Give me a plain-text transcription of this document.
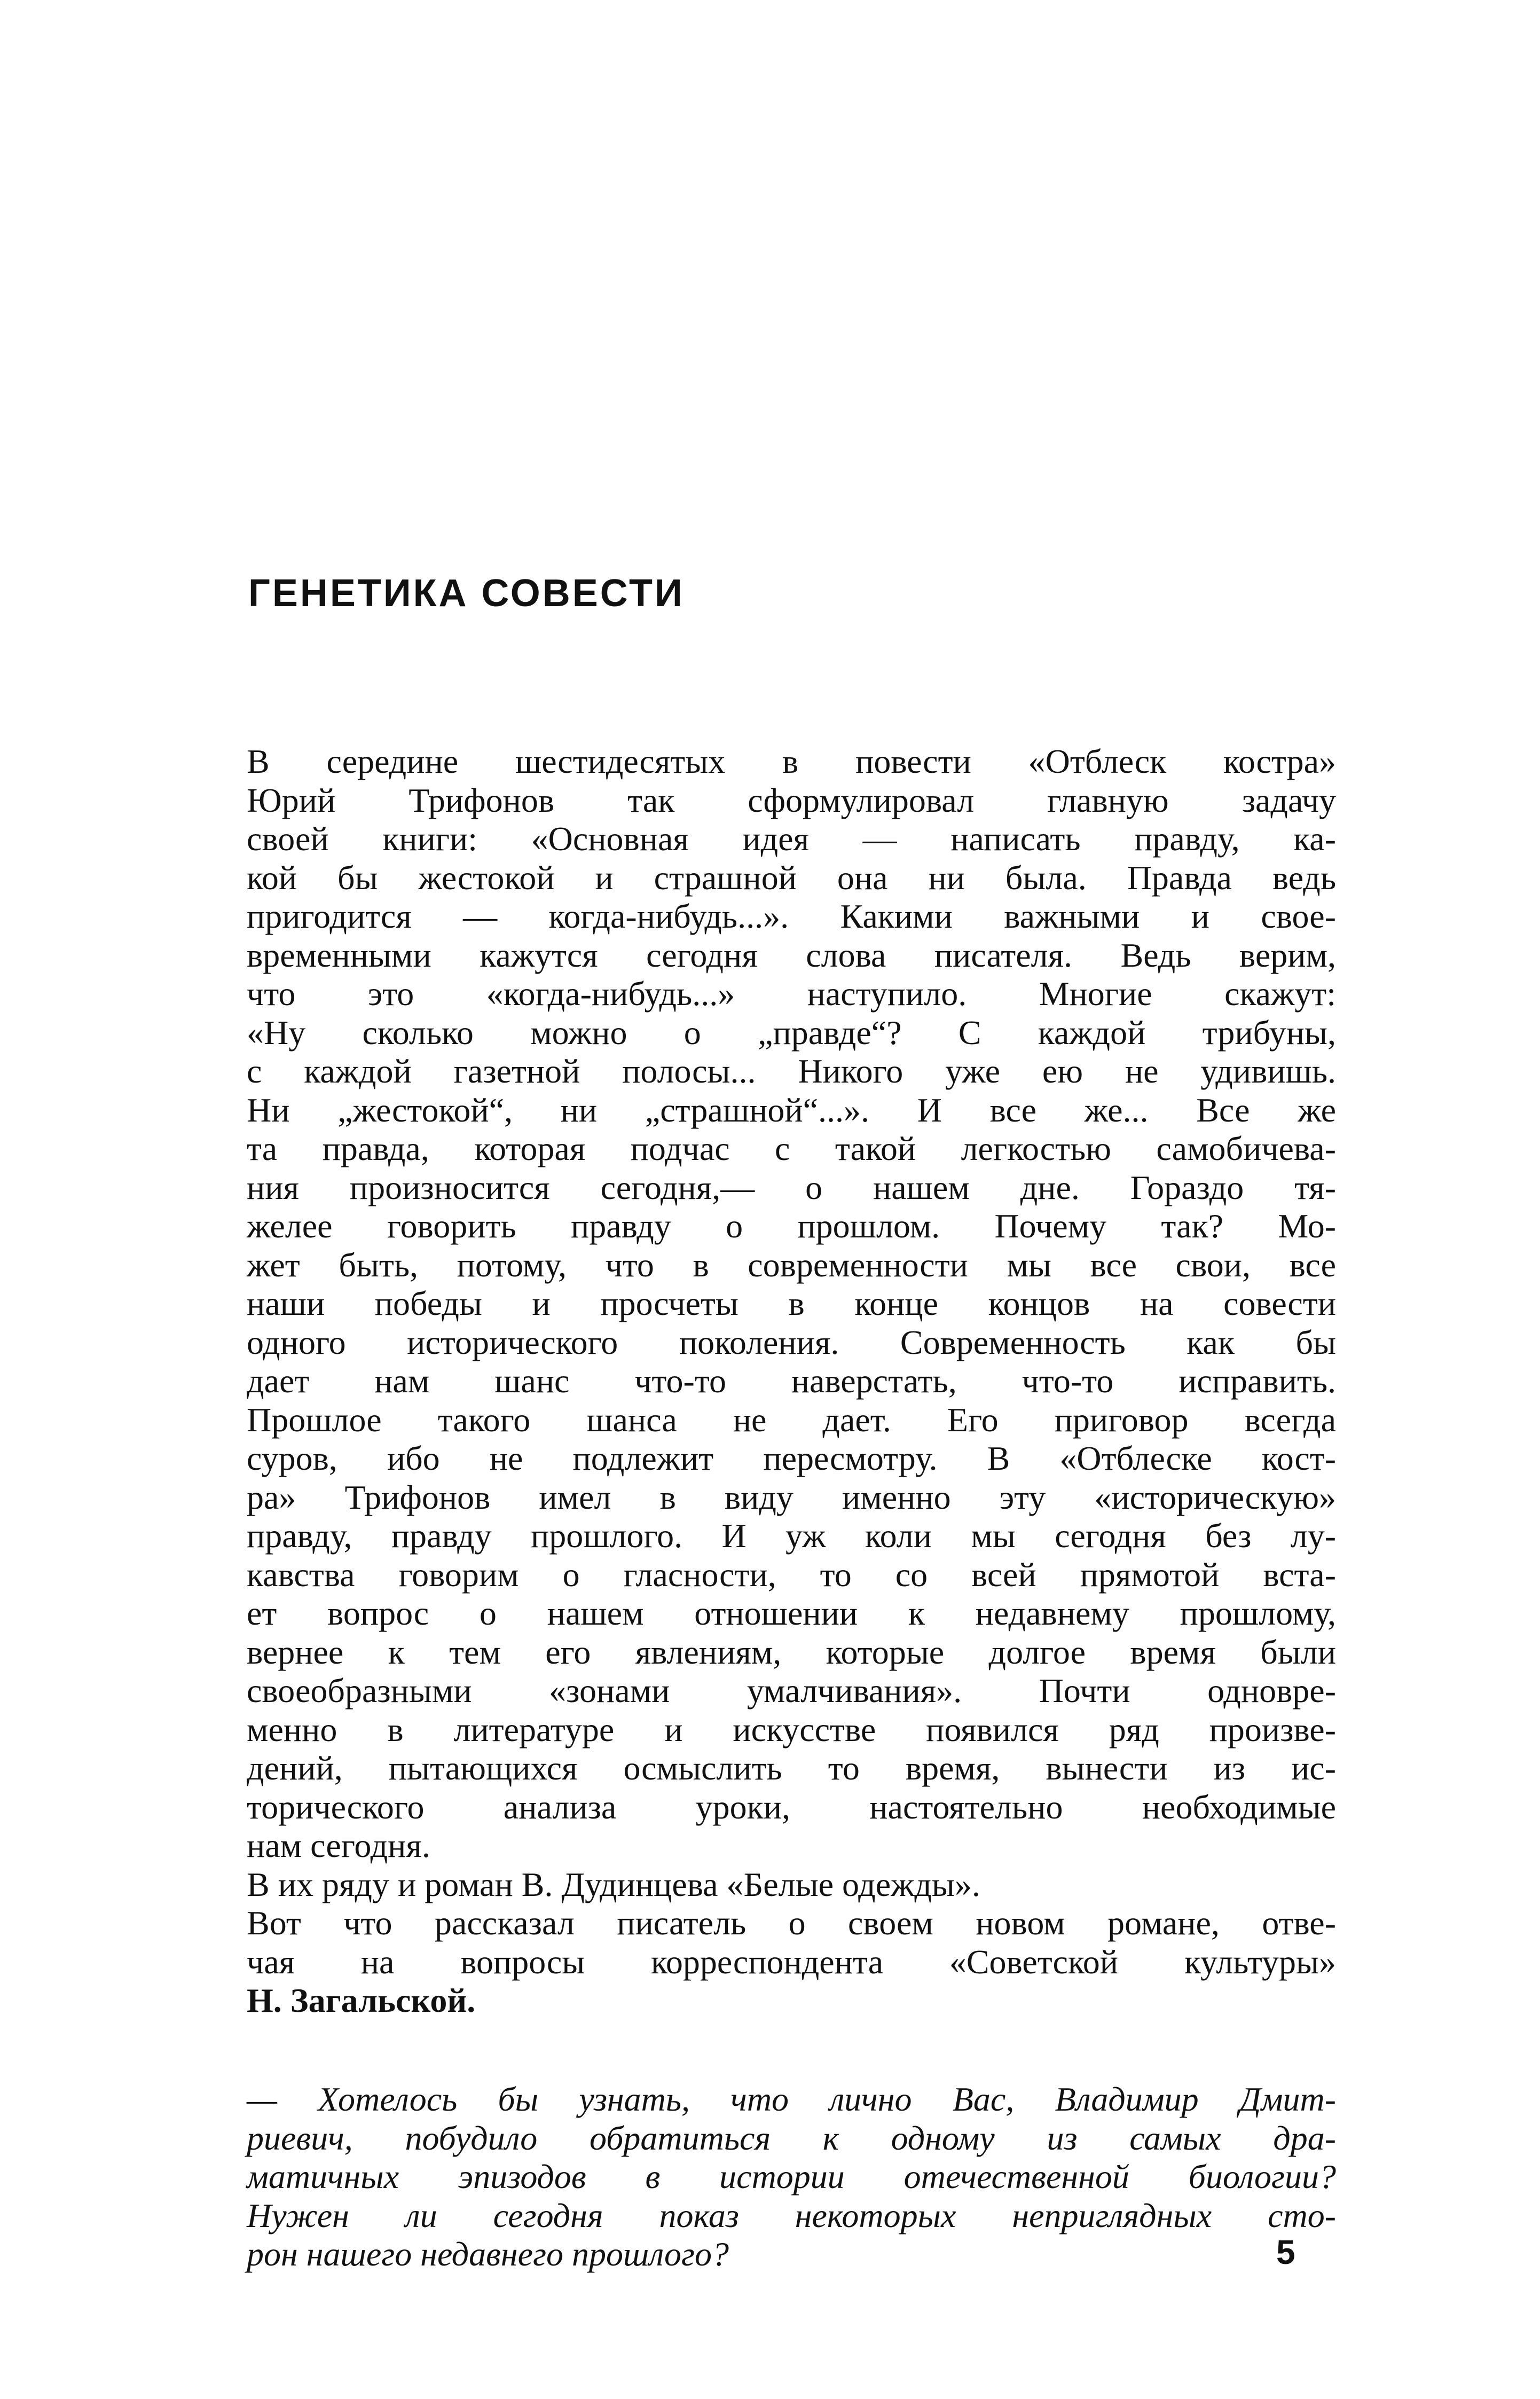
ГЕНЕТИКА СОВЕСТИ
В середине шестидесятых в повести «Отблеск костра»
Юрий Трифонов так сформулировал главную задачу
своей книги: «Основная идея — написать правду, ка-
кой бы жестокой и страшной она ни была. Правда ведь
пригодится — когда-нибудь...». Какими важными и свое-
временными кажутся сегодня слова писателя. Ведь верим,
что это «когда-нибудь...» наступило. Многие скажут:
«Ну сколько можно о „правде“? С каждой трибуны,
с каждой газетной полосы... Никого уже ею не удивишь.
Ни „жестокой“, ни „страшной“...». И все же... Все же
та правда, которая подчас с такой легкостью самобичева-
ния произносится сегодня,— о нашем дне. Гораздо тя-
желее говорить правду о прошлом. Почему так? Мо-
жет быть, потому, что в современности мы все свои, все
наши победы и просчеты в конце концов на совести
одного исторического поколения. Современность как бы
дает нам шанс что-то наверстать, что-то исправить.
Прошлое такого шанса не дает. Его приговор всегда
суров, ибо не подлежит пересмотру. В «Отблеске кост-
ра» Трифонов имел в виду именно эту «историческую»
правду, правду прошлого. И уж коли мы сегодня без лу-
кавства говорим о гласности, то со всей прямотой вста-
ет вопрос о нашем отношении к недавнему прошлому,
вернее к тем его явлениям, которые долгое время были
своеобразными «зонами умалчивания». Почти одновре-
менно в литературе и искусстве появился ряд произве-
дений, пытающихся осмыслить то время, вынести из ис-
торического анализа уроки, настоятельно необходимые
нам сегодня.
В их ряду и роман В. Дудинцева «Белые одежды».
Вот что рассказал писатель о своем новом романе, отве-
чая на вопросы корреспондента «Советской культуры»
Н. Загальской.
— Хотелось бы узнать, что лично Вас, Владимир Дмит-
риевич, побудило обратиться к одному из самых дра-
матичных эпизодов в истории отечественной биологии?
Нужен ли сегодня показ некоторых неприглядных сто-
рон нашего недавнего прошлого?	5
